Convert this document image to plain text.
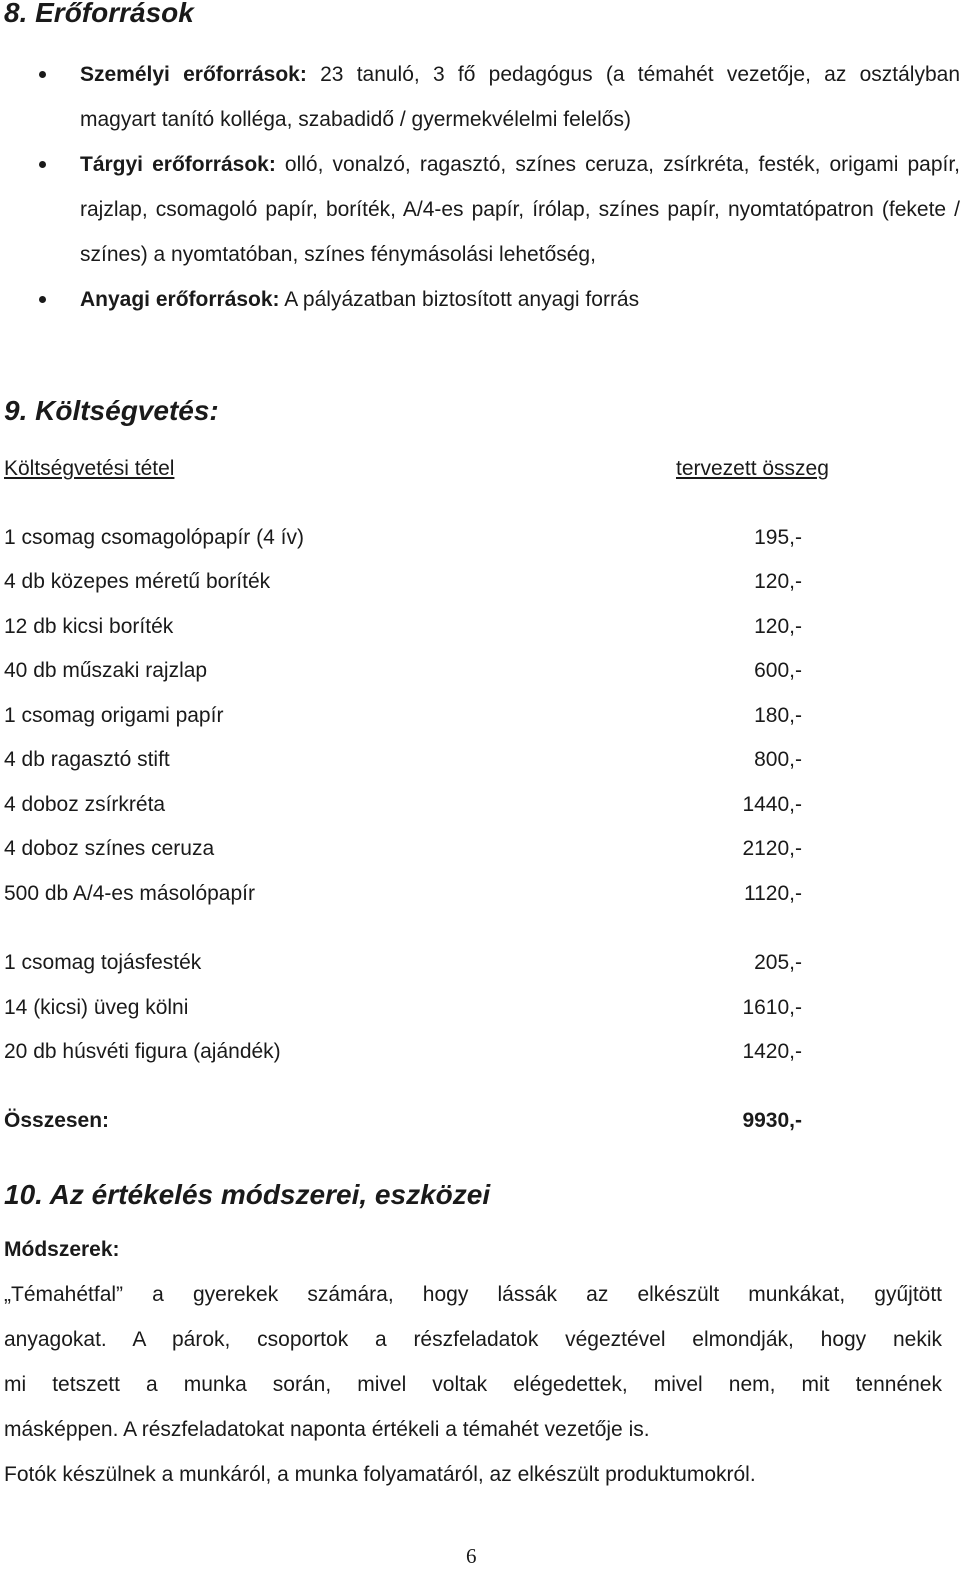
8. Erőforrások
Személyi erőforrások: 23 tanuló, 3 fő pedagógus (a témahét vezetője, az osztályban magyart tanító kolléga, szabadidő / gyermekvélelmi felelős)
Tárgyi erőforrások: olló, vonalzó, ragasztó, színes ceruza, zsírkréta, festék, origami papír, rajzlap, csomagoló papír, boríték, A/4-es papír, írólap, színes papír, nyomtatópatron (fekete / színes) a nyomtatóban, színes fénymásolási lehetőség,
Anyagi erőforrások: A pályázatban biztosított anyagi forrás
9. Költségvetés:
Költségvetési tétel	tervezett összeg
1 csomag csomagolópapír (4 ív)	195,-
4 db közepes méretű boríték	120,-
12 db kicsi boríték	120,-
40 db műszaki rajzlap	600,-
1 csomag origami papír	180,-
4 db ragasztó stift	800,-
4 doboz zsírkréta	1440,-
4 doboz színes ceruza	2120,-
500 db A/4-es másolópapír	1120,-
1 csomag tojásfesték	205,-
14 (kicsi) üveg kölni	1610,-
20 db húsvéti figura (ajándék)	1420,-
Összesen:	9930,-
10. Az értékelés módszerei, eszközei
Módszerek:
„Témahétfal” a gyerekek számára, hogy lássák az elkészült munkákat, gyűjtött
anyagokat. A párok, csoportok a részfeladatok végeztével elmondják, hogy nekik
mi tetszett a munka során, mivel voltak elégedettek, mivel nem, mit tennének
másképpen. A részfeladatokat naponta értékeli a témahét vezetője is.
Fotók készülnek a munkáról, a munka folyamatáról, az elkészült produktumokról.
6
